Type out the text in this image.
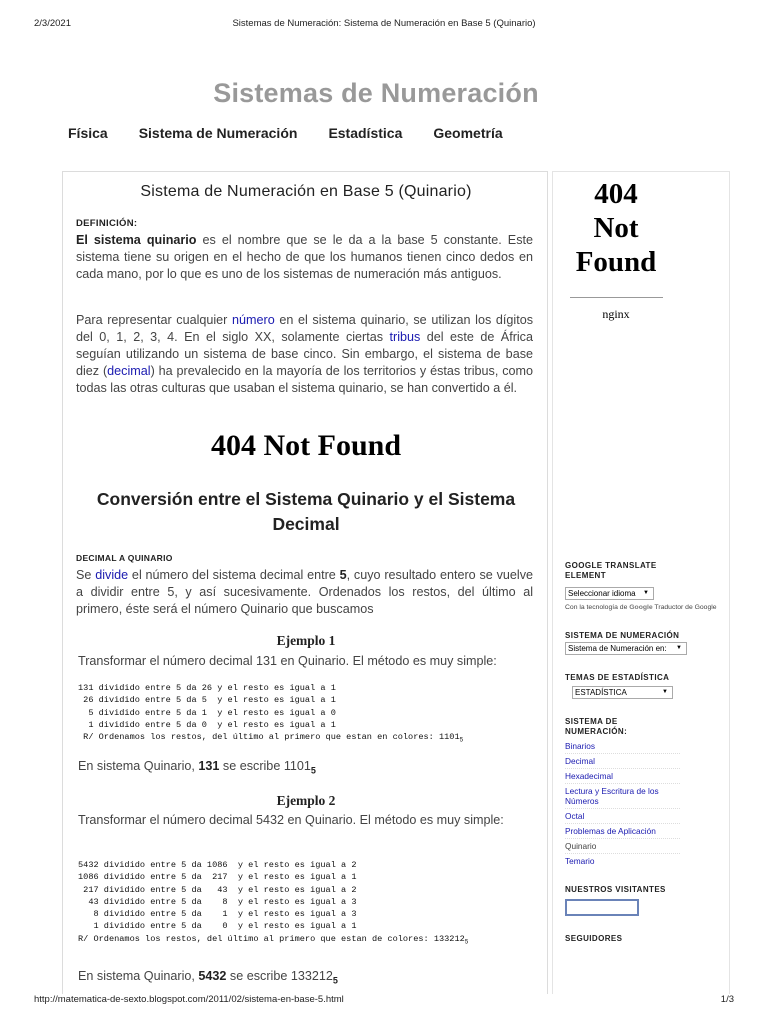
2/3/2021	Sistemas de Numeración: Sistema de Numeración en Base 5 (Quinario)
Sistemas de Numeración
Física Sistema de Numeración Estadística Geometría
Sistema de Numeración en Base 5 (Quinario)
DEFINICIÓN:
El sistema quinario es el nombre que se le da a la base 5 constante. Este sistema tiene su origen en el hecho de que los humanos tienen cinco dedos en cada mano, por lo que es uno de los sistemas de numeración más antiguos.
Para representar cualquier número en el sistema quinario, se utilizan los dígitos del 0, 1, 2, 3, 4. En el siglo XX, solamente ciertas tribus del este de África seguían utilizando un sistema de base cinco. Sin embargo, el sistema de base diez (decimal) ha prevalecido en la mayoría de los territorios y éstas tribus, como todas las otras culturas que usaban el sistema quinario, se han convertido a él.
404 Not Found
Conversión entre el Sistema Quinario y el Sistema Decimal
DECIMAL A QUINARIO
Se divide el número del sistema decimal entre 5, cuyo resultado entero se vuelve a dividir entre 5, y así sucesivamente. Ordenados los restos, del último al primero, éste será el número Quinario que buscamos
Ejemplo 1
Transformar el número decimal 131 en Quinario. El método es muy simple:
131 dividido entre 5 da 26 y el resto es igual a 1
26 dividido entre 5 da 5  y el resto es igual a 1
5 dividido entre 5 da 1  y el resto es igual a 0
1 dividido entre 5 da 0  y el resto es igual a 1
R/ Ordenamos los restos, del último al primero que estan en colores: $1101_5$
En sistema Quinario, 131 se escribe $1101_5$
Ejemplo 2
Transformar el número decimal 5432 en Quinario. El método es muy simple:
5432 dividido entre 5 da 1086  y el resto es igual a 2
1086 dividido entre 5 da  217  y el resto es igual a 1
217 dividido entre 5 da   43  y el resto es igual a 2
43 dividido entre 5 da    8  y el resto es igual a 3
8 dividido entre 5 da    1  y el resto es igual a 3
1 dividido entre 5 da    0  y el resto es igual a 1
R/ Ordenamos los restos, del último al primero que estan de colores: $133212_5$
En sistema Quinario, 5432 se escribe $133212_5$
404
Not
Found
nginx
GOOGLE TRANSLATE ELEMENT
Seleccionar idioma ▼
Con la tecnología de Google Traductor de Google
SISTEMA DE NUMERACIÓN
Sistema de Numeración en: ▼
TEMAS DE ESTADÍSTICA
ESTADÍSTICA	▼
SISTEMA DE NUMERACIÓN:
Binarios
Decimal
Hexadecimal
Lectura y Escritura de los Números
Octal
Problemas de Aplicación
Quinario
Temario
NUESTROS VISITANTES
SEGUIDORES
http://matematica-de-sexto.blogspot.com/2011/02/sistema-en-base-5.html	1/3
